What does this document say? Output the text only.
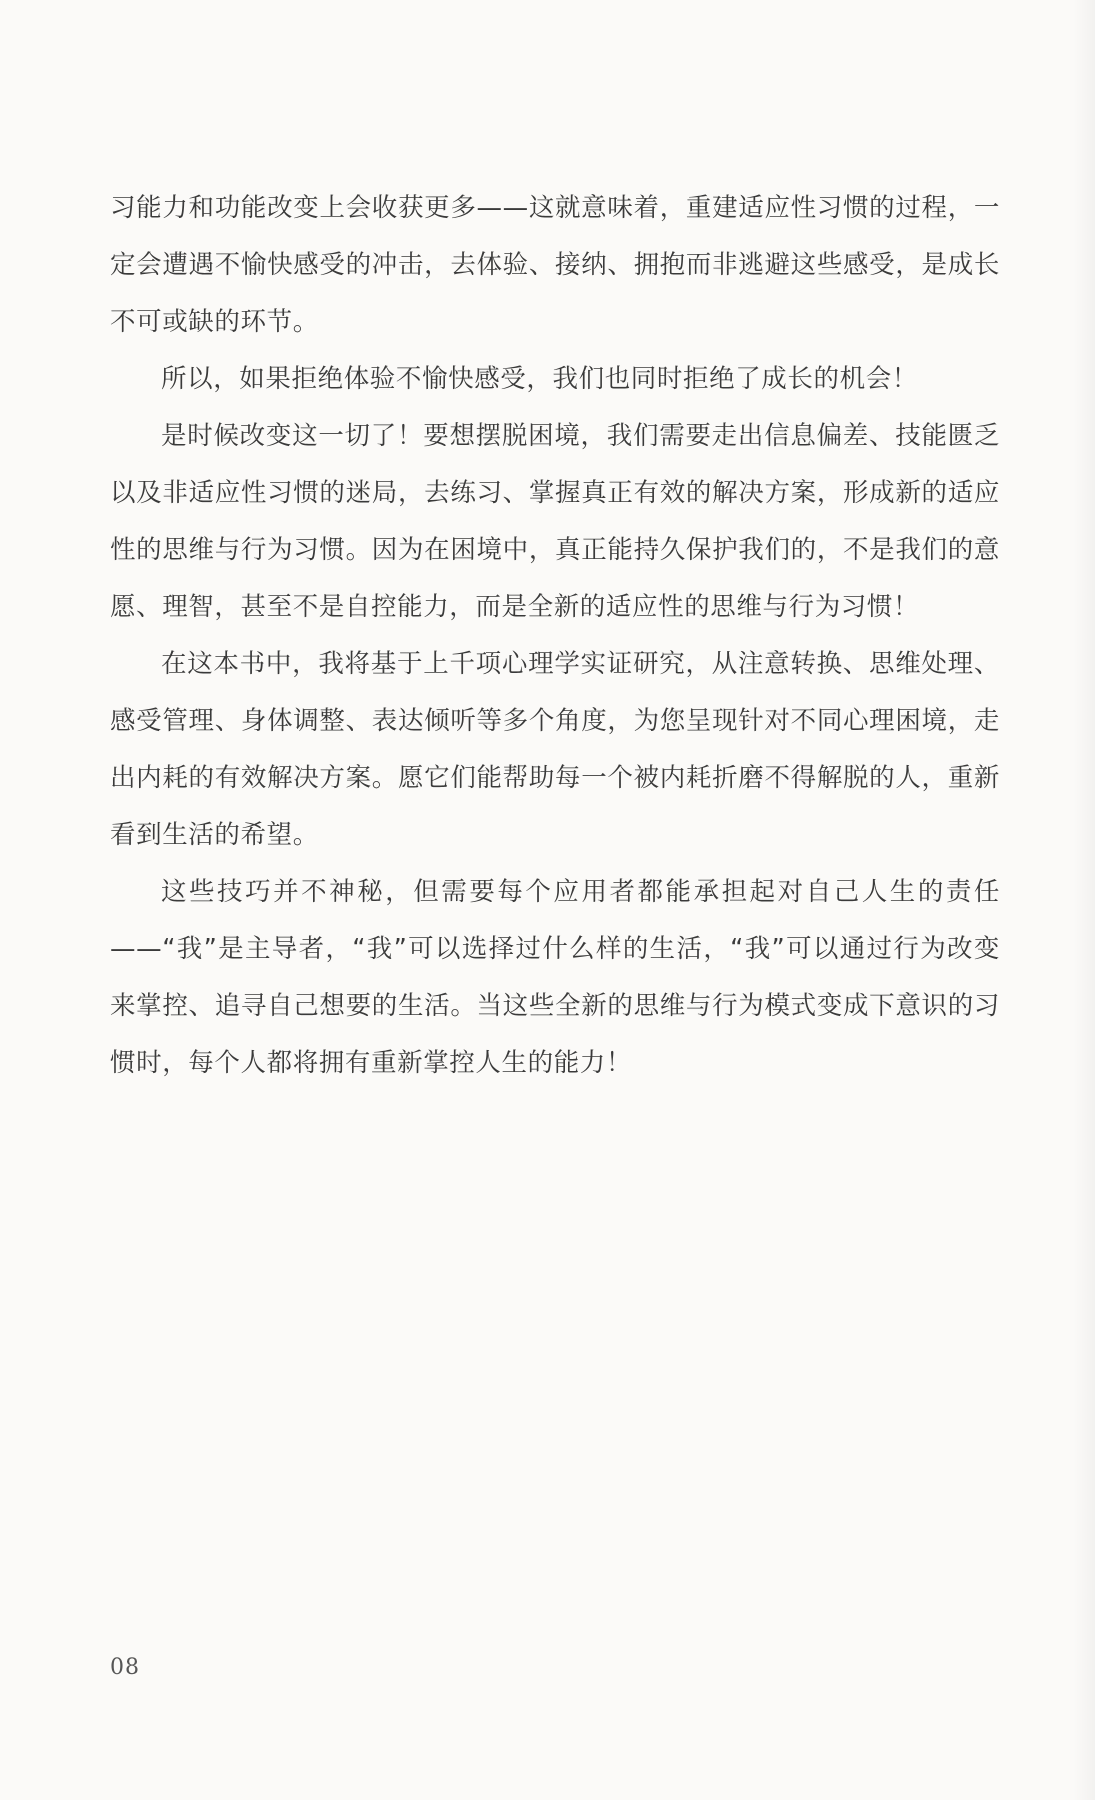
习能力和功能改变上会收获更多——这就意味着，重建适应性习惯的过程，一定会遭遇不愉快感受的冲击，去体验、接纳、拥抱而非逃避这些感受，是成长不可或缺的环节。

所以，如果拒绝体验不愉快感受，我们也同时拒绝了成长的机会！

是时候改变这一切了！要想摆脱困境，我们需要走出信息偏差、技能匮乏以及非适应性习惯的迷局，去练习、掌握真正有效的解决方案，形成新的适应性的思维与行为习惯。因为在困境中，真正能持久保护我们的，不是我们的意愿、理智，甚至不是自控能力，而是全新的适应性的思维与行为习惯！

在这本书中，我将基于上千项心理学实证研究，从注意转换、思维处理、感受管理、身体调整、表达倾听等多个角度，为您呈现针对不同心理困境，走出内耗的有效解决方案。愿它们能帮助每一个被内耗折磨不得解脱的人，重新看到生活的希望。

这些技巧并不神秘，但需要每个应用者都能承担起对自己人生的责任——“我”是主导者，“我”可以选择过什么样的生活，“我”可以通过行为改变来掌控、追寻自己想要的生活。当这些全新的思维与行为模式变成下意识的习惯时，每个人都将拥有重新掌控人生的能力！

08
